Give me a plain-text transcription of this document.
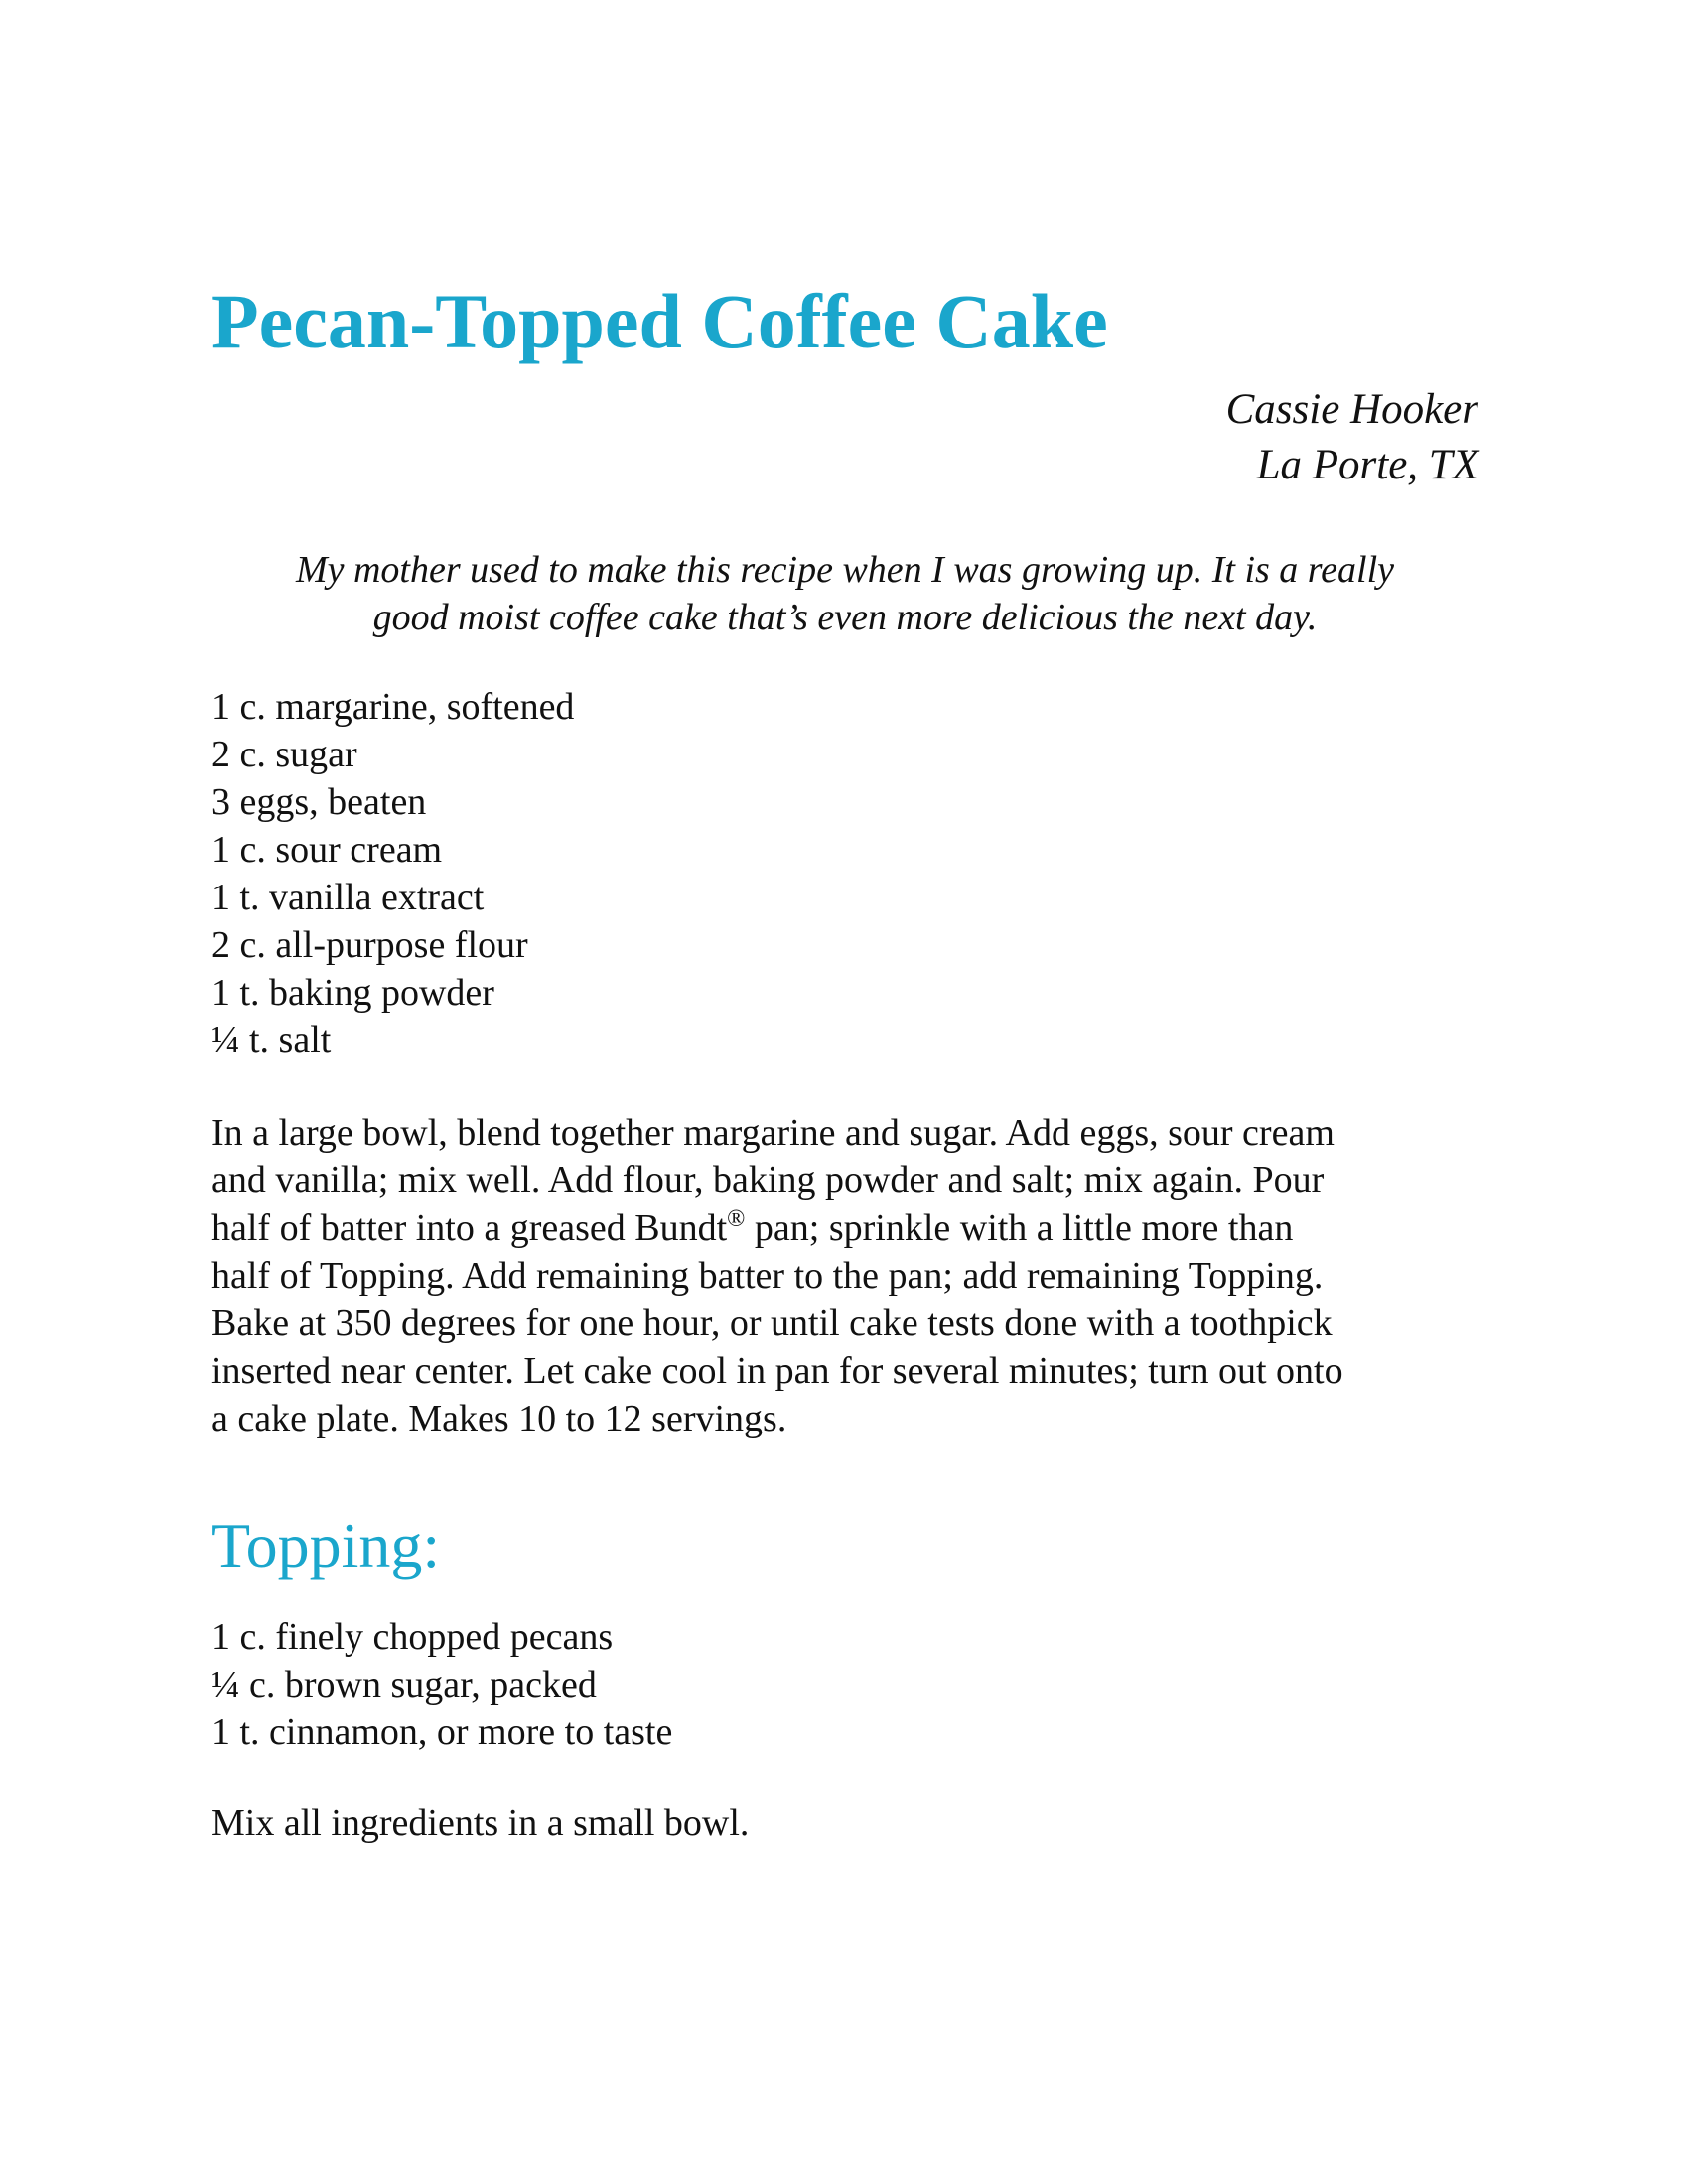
Pecan-Topped Coffee Cake
Cassie Hooker
La Porte, TX
My mother used to make this recipe when I was growing up. It is a really
good moist coffee cake that’s even more delicious the next day.
1 c. margarine, softened
2 c. sugar
3 eggs, beaten
1 c. sour cream
1 t. vanilla extract
2 c. all-purpose flour
1 t. baking powder
¼ t. salt
In a large bowl, blend together margarine and sugar. Add eggs, sour cream
and vanilla; mix well. Add flour, baking powder and salt; mix again. Pour
half of batter into a greased Bundt® pan; sprinkle with a little more than
half of Topping. Add remaining batter to the pan; add remaining Topping.
Bake at 350 degrees for one hour, or until cake tests done with a toothpick
inserted near center. Let cake cool in pan for several minutes; turn out onto
a cake plate. Makes 10 to 12 servings.
Topping:
1 c. finely chopped pecans
¼ c. brown sugar, packed
1 t. cinnamon, or more to taste
Mix all ingredients in a small bowl.
